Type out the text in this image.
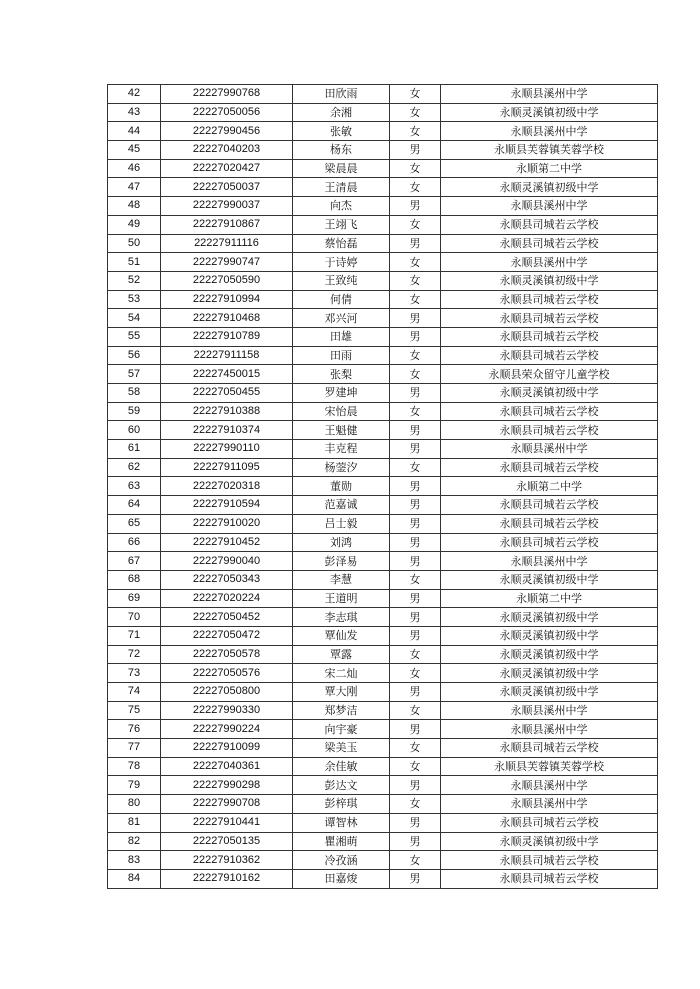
42	22227990768	田欣雨	女	永顺县溪州中学
43	22227050056	余湘	女	永顺灵溪镇初级中学
44	22227990456	张敏	女	永顺县溪州中学
45	22227040203	杨东	男	永顺县芙蓉镇芙蓉学校
46	22227020427	梁晨晨	女	永顺第二中学
47	22227050037	王清晨	女	永顺灵溪镇初级中学
48	22227990037	向杰	男	永顺县溪州中学
49	22227910867	王翊飞	女	永顺县司城若云学校
50	22227911116	蔡怡磊	男	永顺县司城若云学校
51	22227990747	于诗婷	女	永顺县溪州中学
52	22227050590	王致纯	女	永顺灵溪镇初级中学
53	22227910994	何倩	女	永顺县司城若云学校
54	22227910468	邓兴河	男	永顺县司城若云学校
55	22227910789	田雄	男	永顺县司城若云学校
56	22227911158	田雨	女	永顺县司城若云学校
57	22227450015	张梨	女	永顺县荣众留守儿童学校
58	22227050455	罗建坤	男	永顺灵溪镇初级中学
59	22227910388	宋怡晨	女	永顺县司城若云学校
60	22227910374	王魁健	男	永顺县司城若云学校
61	22227990110	丰克程	男	永顺县溪州中学
62	22227911095	杨蓥汐	女	永顺县司城若云学校
63	22227020318	董勋	男	永顺第二中学
64	22227910594	范嘉诚	男	永顺县司城若云学校
65	22227910020	吕士毅	男	永顺县司城若云学校
66	22227910452	刘鸿	男	永顺县司城若云学校
67	22227990040	彭泽易	男	永顺县溪州中学
68	22227050343	李慧	女	永顺灵溪镇初级中学
69	22227020224	王道明	男	永顺第二中学
70	22227050452	李志琪	男	永顺灵溪镇初级中学
71	22227050472	覃仙发	男	永顺灵溪镇初级中学
72	22227050578	覃露	女	永顺灵溪镇初级中学
73	22227050576	宋二灿	女	永顺灵溪镇初级中学
74	22227050800	覃大刚	男	永顺灵溪镇初级中学
75	22227990330	郑梦洁	女	永顺县溪州中学
76	22227990224	向宇豪	男	永顺县溪州中学
77	22227910099	梁美玉	女	永顺县司城若云学校
78	22227040361	余佳敏	女	永顺县芙蓉镇芙蓉学校
79	22227990298	彭达文	男	永顺县溪州中学
80	22227990708	彭梓琪	女	永顺县溪州中学
81	22227910441	谭智林	男	永顺县司城若云学校
82	22227050135	瞿湘萌	男	永顺灵溪镇初级中学
83	22227910362	冷孜涵	女	永顺县司城若云学校
84	22227910162	田嘉焌	男	永顺县司城若云学校
